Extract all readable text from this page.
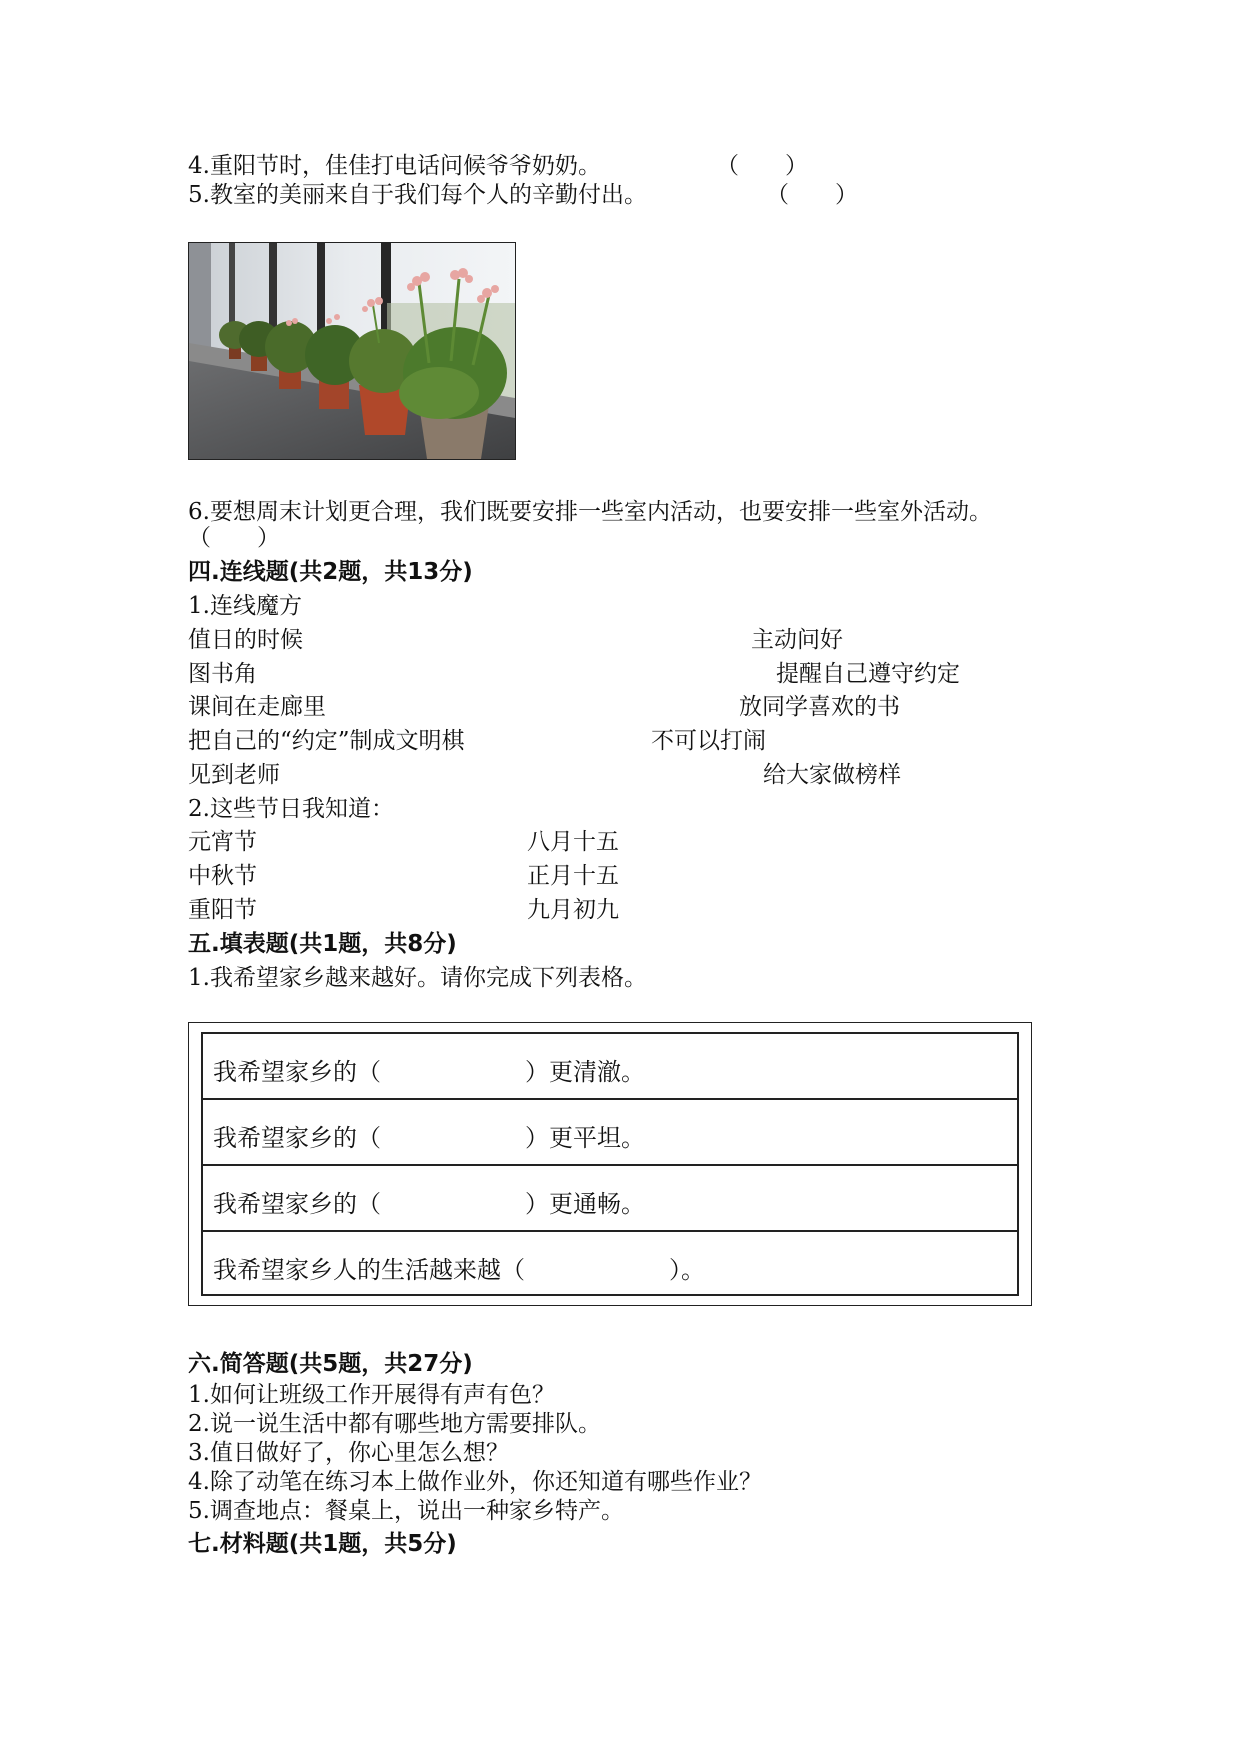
4.重阳节时，佳佳打电话问候爷爷奶奶。	（　　）
5.教室的美丽来自于我们每个人的辛勤付出。	（　　）
6.要想周末计划更合理，我们既要安排一些室内活动，也要安排一些室外活动。
（　　）
四.连线题(共2题，共13分)
1.连线魔方
值日的时候
图书角
课间在走廊里
把自己的“约定”制成文明棋
见到老师
主动问好
提醒自己遵守约定
放同学喜欢的书
不可以打闹
给大家做榜样
2.这些节日我知道：
元宵节
中秋节
重阳节
八月十五
正月十五
九月初九
五.填表题(共1题，共8分)
1.我希望家乡越来越好。请你完成下列表格。
我希望家乡的（　　　　　　）更清澈。
我希望家乡的（　　　　　　）更平坦。
我希望家乡的（　　　　　　）更通畅。
我希望家乡人的生活越来越（　　　　　　）。
六.简答题(共5题，共27分)
1.如何让班级工作开展得有声有色？
2.说一说生活中都有哪些地方需要排队。
3.值日做好了，你心里怎么想？
4.除了动笔在练习本上做作业外，你还知道有哪些作业？
5.调查地点：餐桌上，说出一种家乡特产。
七.材料题(共1题，共5分)
